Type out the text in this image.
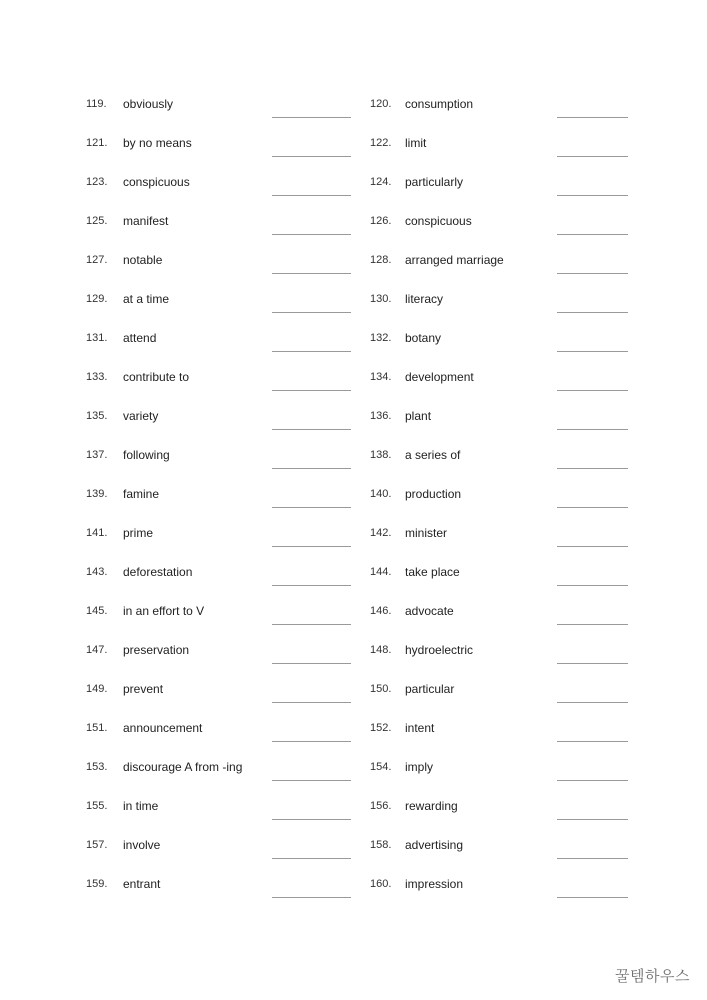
119. obviously	120. consumption
121. by no means	122. limit
123. conspicuous	124. particularly
125. manifest	126. conspicuous
127. notable	128. arranged marriage
129. at a time	130. literacy
131. attend	132. botany
133. contribute to	134. development
135. variety	136. plant
137. following	138. a series of
139. famine	140. production
141. prime	142. minister
143. deforestation	144. take place
145. in an effort to V	146. advocate
147. preservation	148. hydroelectric
149. prevent	150. particular
151. announcement	152. intent
153. discourage A from -ing	154. imply
155. in time	156. rewarding
157. involve	158. advertising
159. entrant	160. impression
꿀템하우스
